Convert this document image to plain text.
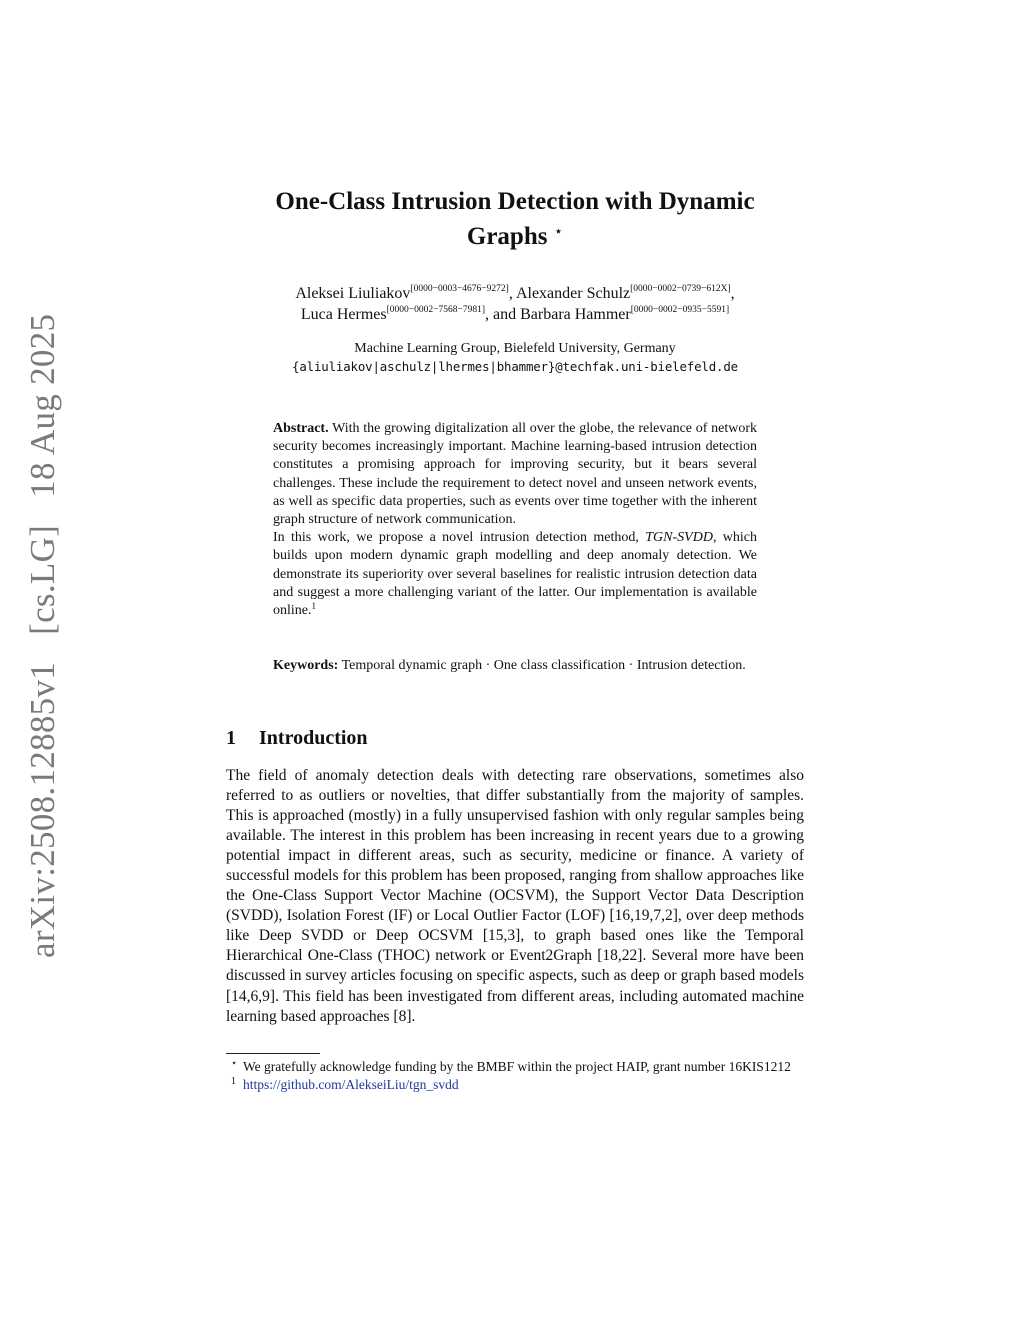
arXiv:2508.12885v1 [cs.LG] 18 Aug 2025
One-Class Intrusion Detection with Dynamic
Graphs ⋆
Aleksei Liuliakov[0000−0003−4676−9272], Alexander Schulz[0000−0002−0739−612X],
Luca Hermes[0000−0002−7568−7981], and Barbara Hammer[0000−0002−0935−5591]
Machine Learning Group, Bielefeld University, Germany
{aliuliakov|aschulz|lhermes|bhammer}@techfak.uni-bielefeld.de

Abstract. With the growing digitalization all over the globe, the relevance of network security becomes increasingly important. Machine learning-based intrusion detection constitutes a promising approach for improving security, but it bears several challenges. These include the requirement to detect novel and unseen network events, as well as specific data properties, such as events over time together with the inherent graph structure of network communication.

In this work, we propose a novel intrusion detection method, TGN-SVDD, which builds upon modern dynamic graph modelling and deep anomaly detection. We demonstrate its superiority over several baselines for realistic intrusion detection data and suggest a more challenging variant of the latter. Our implementation is available online.$^1$

Keywords: Temporal dynamic graph · One class classification · Intrusion detection.
1 Introduction

The field of anomaly detection deals with detecting rare observations, sometimes also referred to as outliers or novelties, that differ substantially from the majority of samples. This is approached (mostly) in a fully unsupervised fashion with only regular samples being available. The interest in this problem has been increasing in recent years due to a growing potential impact in different areas, such as security, medicine or finance. A variety of successful models for this problem has been proposed, ranging from shallow approaches like the One-Class Support Vector Machine (OCSVM), the Support Vector Data Description (SVDD), Isolation Forest (IF) or Local Outlier Factor (LOF) [16,19,7,2], over deep methods like Deep SVDD or Deep OCSVM [15,3], to graph based ones like the Temporal Hierarchical One-Class (THOC) network or Event2Graph [18,22]. Several more have been discussed in survey articles focusing on specific aspects, such as deep or graph based models [14,6,9]. This field has been investigated from different areas, including automated machine learning based approaches [8].

⋆ We gratefully acknowledge funding by the BMBF within the project HAIP, grant number 16KIS1212
1 https://github.com/AlekseiLiu/tgn_svdd
